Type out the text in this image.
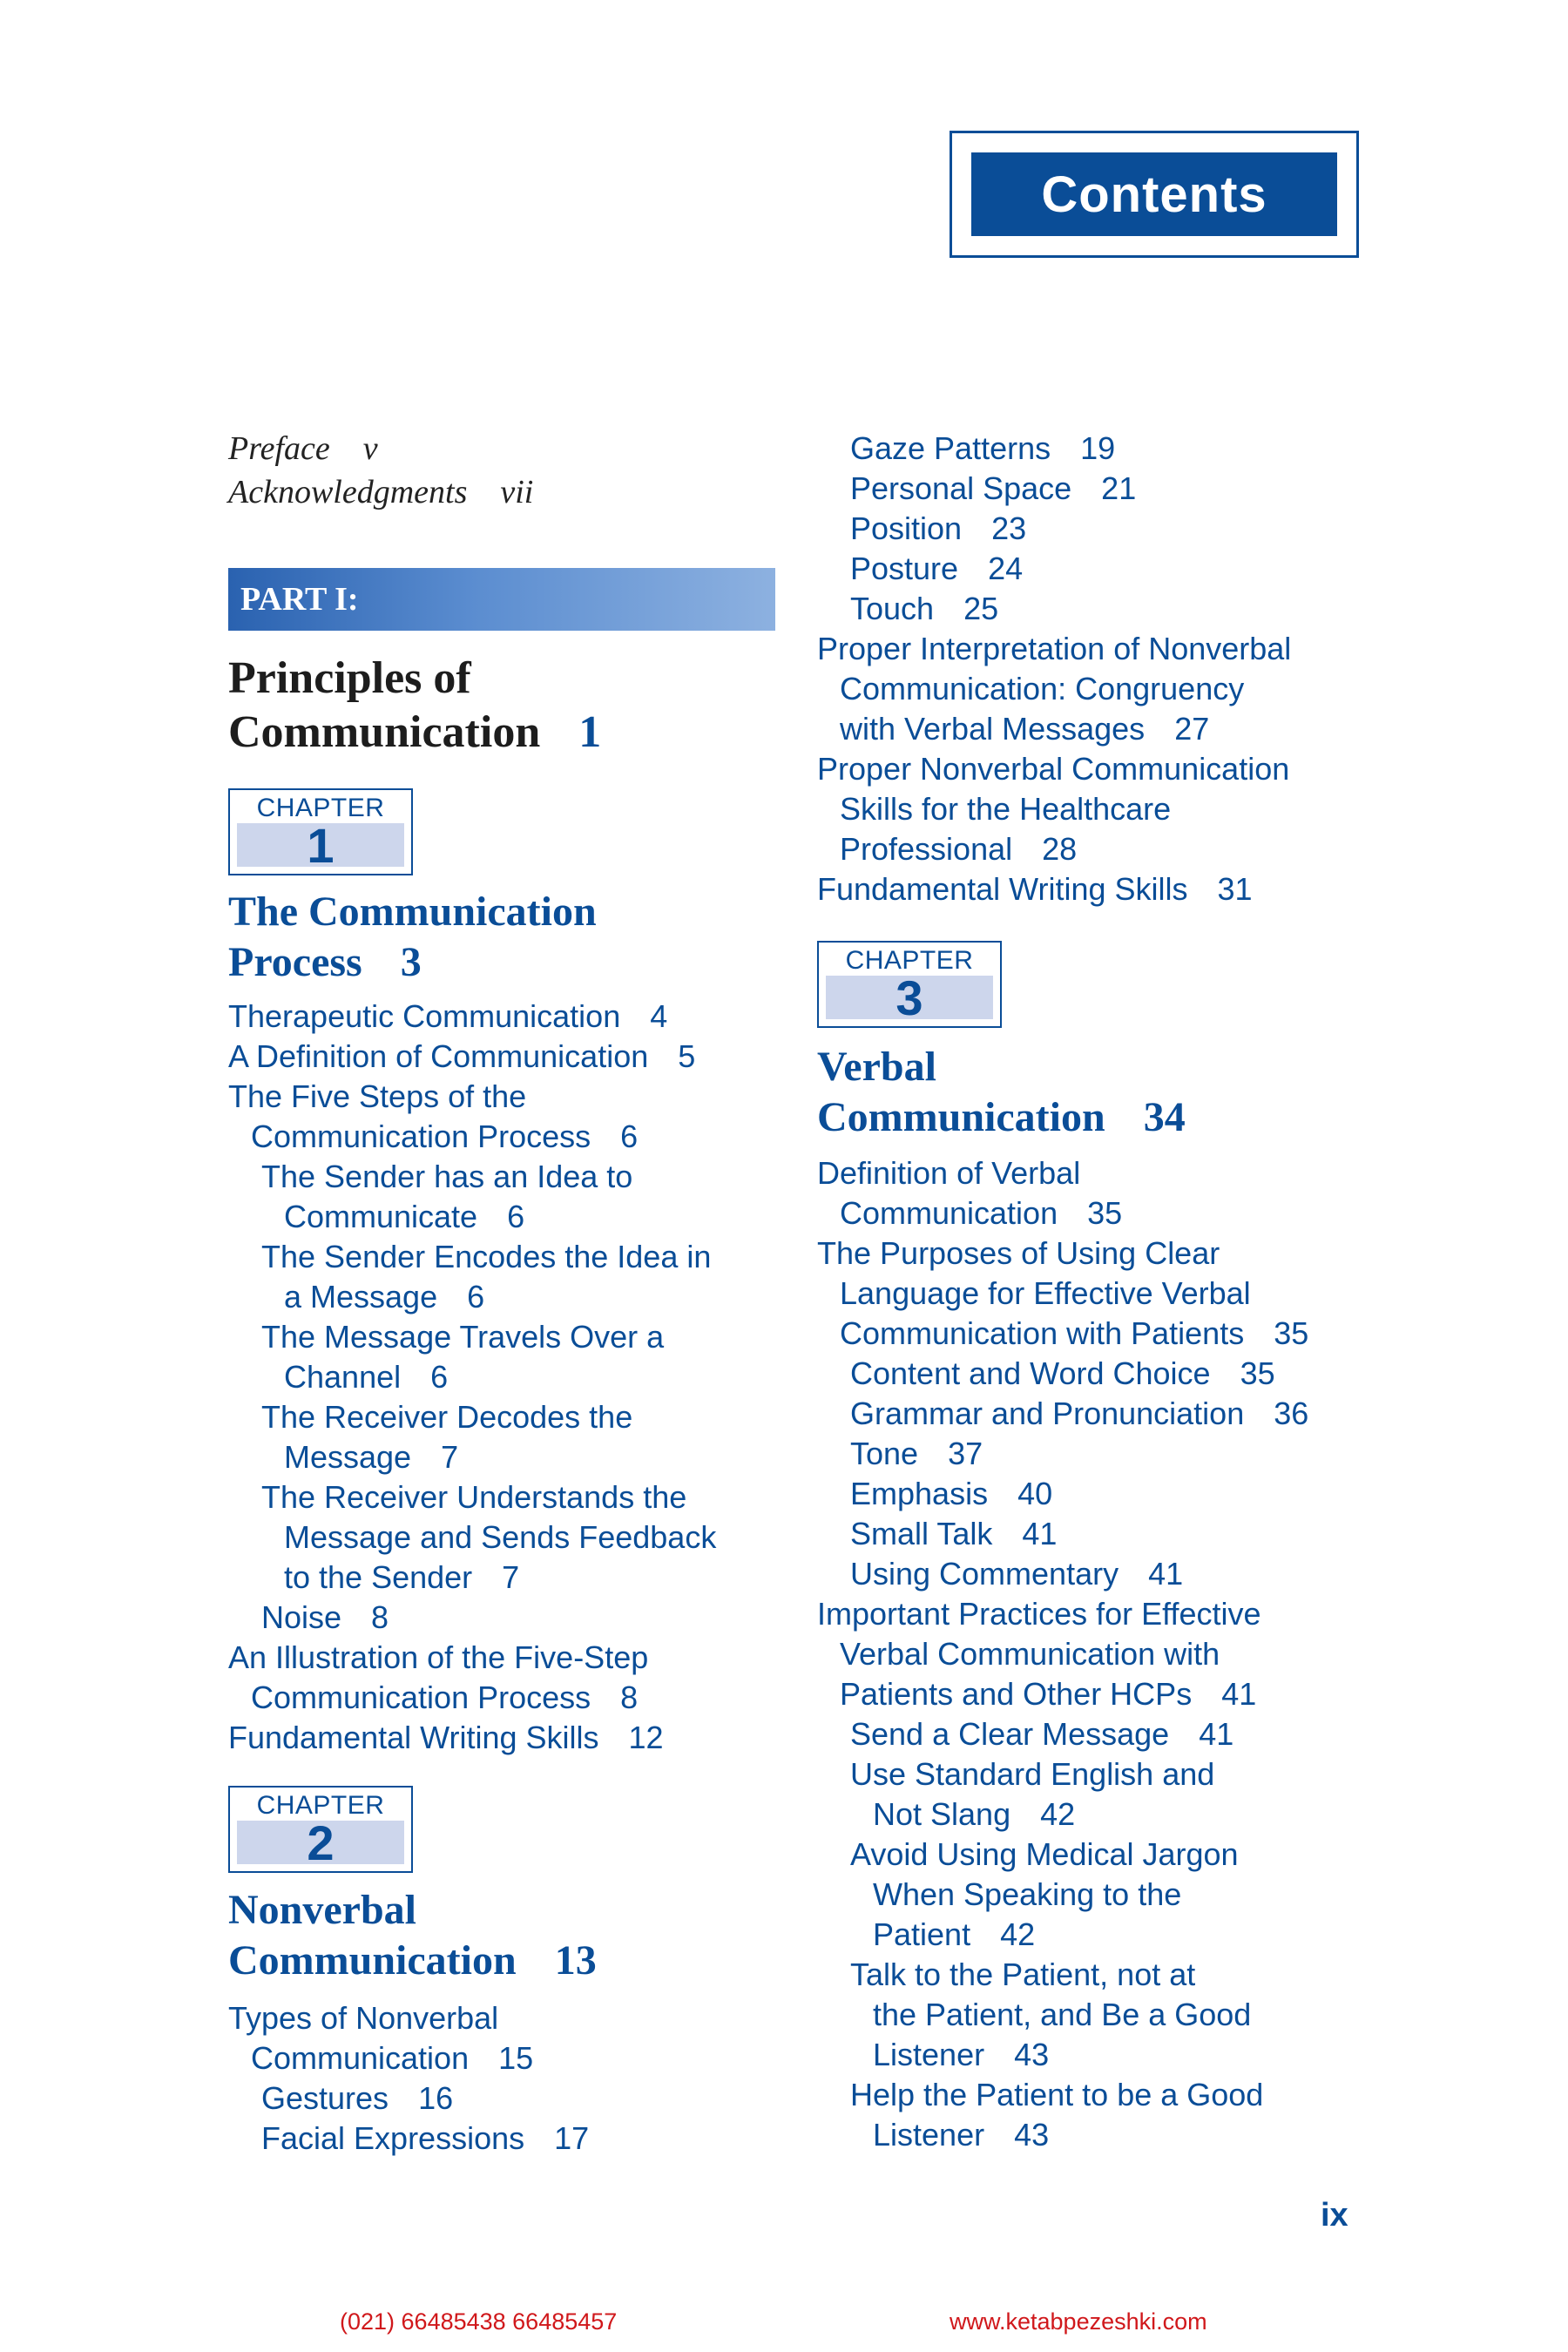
Contents
Preface v
Acknowledgments vii
PART I:
Principles of
Communication 1
CHAPTER
1
The Communication
Process 3
Therapeutic Communication 4
A Definition of Communication 5
The Five Steps of the
Communication Process 6
The Sender has an Idea to
Communicate 6
The Sender Encodes the Idea in
a Message 6
The Message Travels Over a
Channel 6
The Receiver Decodes the
Message 7
The Receiver Understands the
Message and Sends Feedback
to the Sender 7
Noise 8
An Illustration of the Five-Step
Communication Process 8
Fundamental Writing Skills 12
CHAPTER
2
Nonverbal
Communication 13
Types of Nonverbal
Communication 15
Gestures 16
Facial Expressions 17
Gaze Patterns 19
Personal Space 21
Position 23
Posture 24
Touch 25
Proper Interpretation of Nonverbal
Communication: Congruency
with Verbal Messages 27
Proper Nonverbal Communication
Skills for the Healthcare
Professional 28
Fundamental Writing Skills 31
CHAPTER
3
Verbal
Communication 34
Definition of Verbal
Communication 35
The Purposes of Using Clear
Language for Effective Verbal
Communication with Patients 35
Content and Word Choice 35
Grammar and Pronunciation 36
Tone 37
Emphasis 40
Small Talk 41
Using Commentary 41
Important Practices for Effective
Verbal Communication with
Patients and Other HCPs 41
Send a Clear Message 41
Use Standard English and
Not Slang 42
Avoid Using Medical Jargon
When Speaking to the
Patient 42
Talk to the Patient, not at
the Patient, and Be a Good
Listener 43
Help the Patient to be a Good
Listener 43
ix
(021) 66485438 66485457	www.ketabpezeshki.com
